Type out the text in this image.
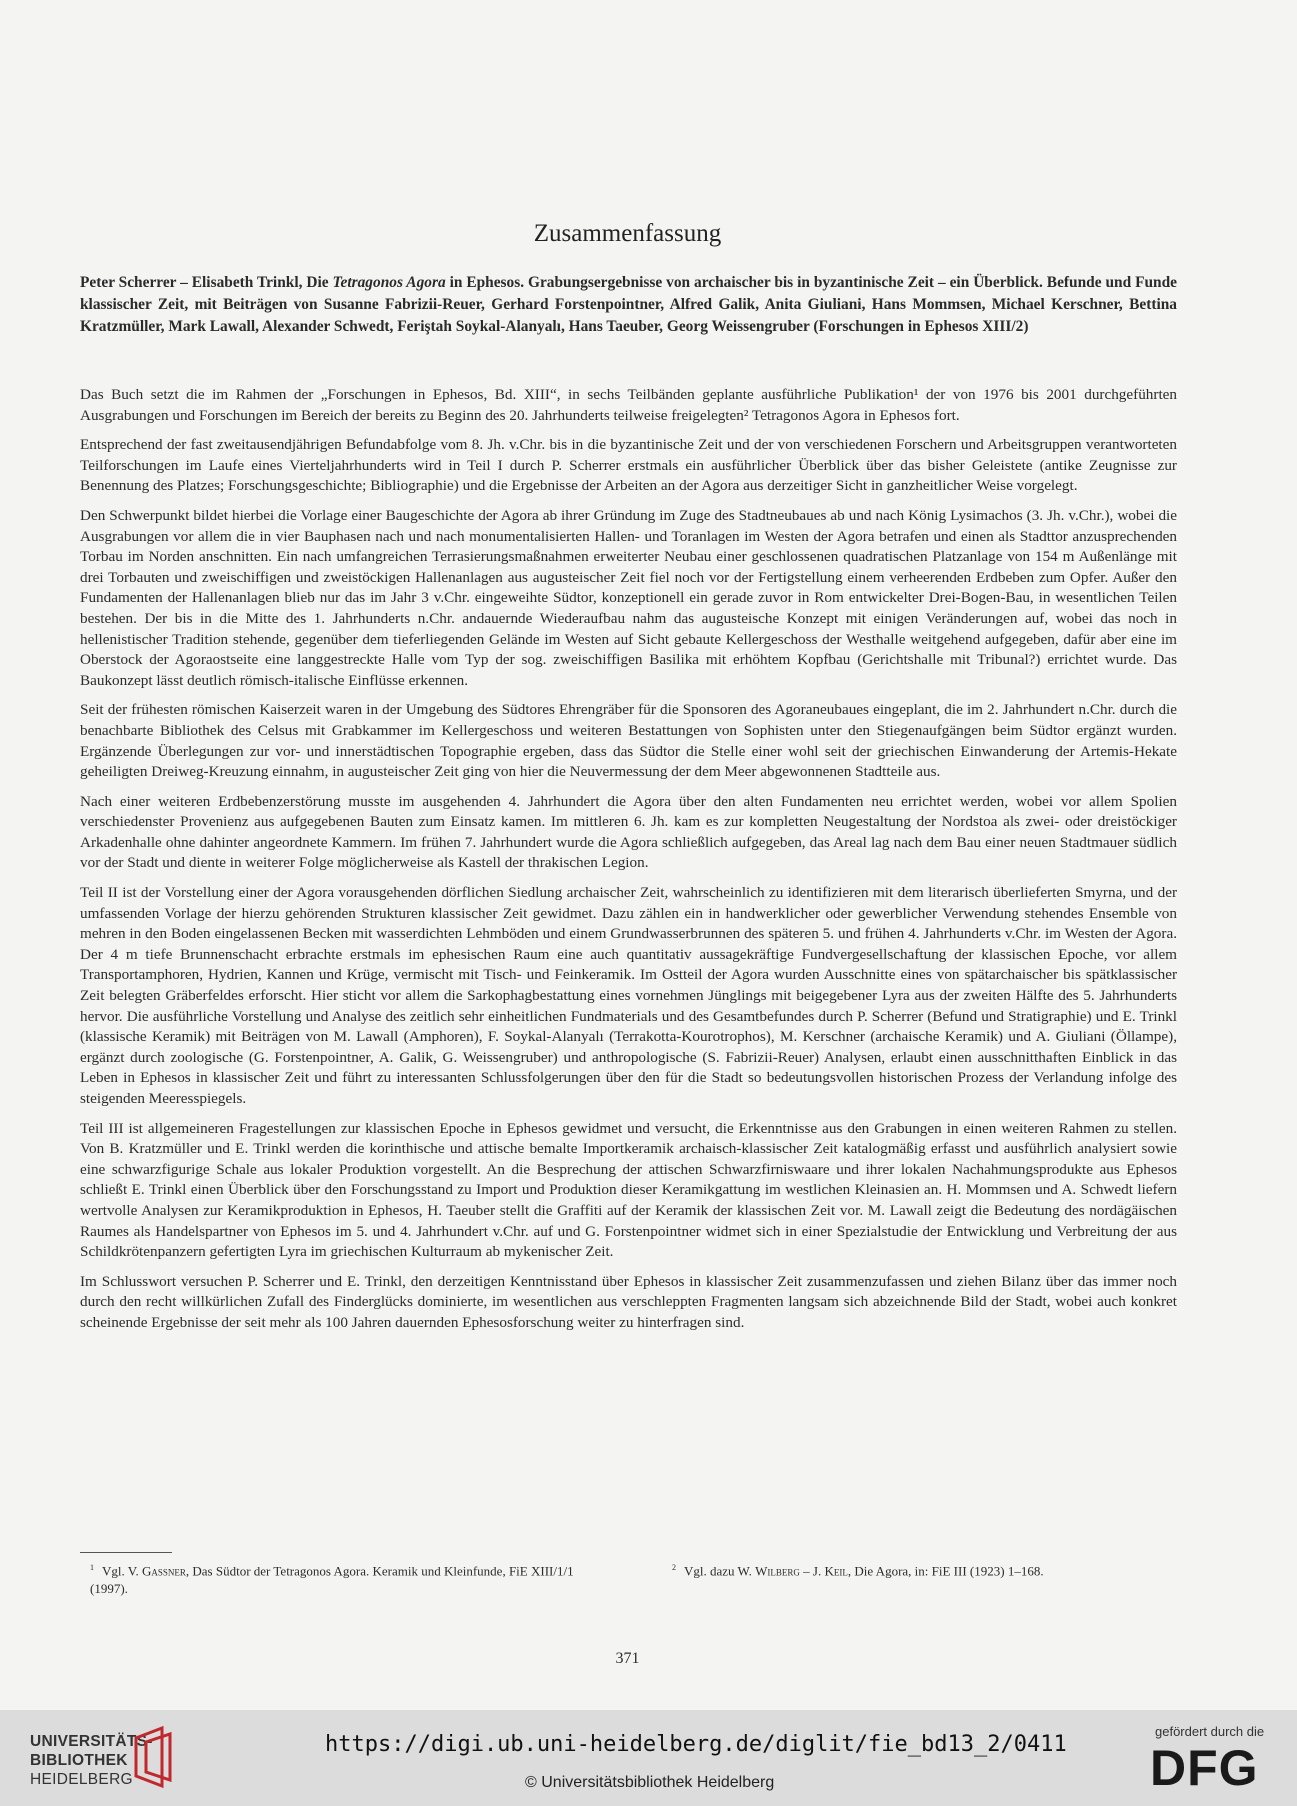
Zusammenfassung
Peter Scherrer – Elisabeth Trinkl, Die Tetragonos Agora in Ephesos. Grabungsergebnisse von archaischer bis in byzantinische Zeit – ein Überblick. Befunde und Funde klassischer Zeit, mit Beiträgen von Susanne Fabrizii-Reuer, Gerhard Forstenpointner, Alfred Galik, Anita Giuliani, Hans Mommsen, Michael Kerschner, Bettina Kratzmüller, Mark Lawall, Alexander Schwedt, Feriştah Soykal-Alanyalı, Hans Taeuber, Georg Weissengruber (Forschungen in Ephesos XIII/2)

Das Buch setzt die im Rahmen der „Forschungen in Ephesos, Bd. XIII“, in sechs Teilbänden geplante ausführliche Publikation¹ der von 1976 bis 2001 durchgeführten Ausgrabungen und Forschungen im Bereich der bereits zu Beginn des 20. Jahrhunderts teilweise freigelegten² Tetragonos Agora in Ephesos fort.

Entsprechend der fast zweitausendjährigen Befundabfolge vom 8. Jh. v.Chr. bis in die byzantinische Zeit und der von verschiedenen Forschern und Arbeitsgruppen verantworteten Teilforschungen im Laufe eines Vierteljahrhunderts wird in Teil I durch P. Scherrer erstmals ein ausführlicher Überblick über das bisher Geleistete (antike Zeugnisse zur Benennung des Platzes; Forschungsgeschichte; Bibliographie) und die Ergebnisse der Arbeiten an der Agora aus derzeitiger Sicht in ganzheitlicher Weise vorgelegt.

Den Schwerpunkt bildet hierbei die Vorlage einer Baugeschichte der Agora ab ihrer Gründung im Zuge des Stadtneubaues ab und nach König Lysimachos (3. Jh. v.Chr.), wobei die Ausgrabungen vor allem die in vier Bauphasen nach und nach monumentalisierten Hallen- und Toranlagen im Westen der Agora betrafen und einen als Stadttor anzusprechenden Torbau im Norden anschnitten. Ein nach umfangreichen Terrasierungsmaßnahmen erweiterter Neubau einer geschlossenen quadratischen Platzanlage von 154 m Außenlänge mit drei Torbauten und zweischiffigen und zweistöckigen Hallenanlagen aus augusteischer Zeit fiel noch vor der Fertigstellung einem verheerenden Erdbeben zum Opfer. Außer den Fundamenten der Hallenanlagen blieb nur das im Jahr 3 v.Chr. eingeweihte Südtor, konzeptionell ein gerade zuvor in Rom entwickelter Drei-Bogen-Bau, in wesentlichen Teilen bestehen. Der bis in die Mitte des 1. Jahrhunderts n.Chr. andauernde Wiederaufbau nahm das augusteische Konzept mit einigen Veränderungen auf, wobei das noch in hellenistischer Tradition stehende, gegenüber dem tieferliegenden Gelände im Westen auf Sicht gebaute Kellergeschoss der Westhalle weitgehend aufgegeben, dafür aber eine im Oberstock der Agoraostseite eine langgestreckte Halle vom Typ der sog. zweischiffigen Basilika mit erhöhtem Kopfbau (Gerichtshalle mit Tribunal?) errichtet wurde. Das Baukonzept lässt deutlich römisch-italische Einflüsse erkennen.

Seit der frühesten römischen Kaiserzeit waren in der Umgebung des Südtores Ehrengräber für die Sponsoren des Agoraneubaues eingeplant, die im 2. Jahrhundert n.Chr. durch die benachbarte Bibliothek des Celsus mit Grabkammer im Kellergeschoss und weiteren Bestattungen von Sophisten unter den Stiegenaufgängen beim Südtor ergänzt wurden. Ergänzende Überlegungen zur vor- und innerstädtischen Topographie ergeben, dass das Südtor die Stelle einer wohl seit der griechischen Einwanderung der Artemis-Hekate geheiligten Dreiweg-Kreuzung einnahm, in augusteischer Zeit ging von hier die Neuvermessung der dem Meer abgewonnenen Stadtteile aus.

Nach einer weiteren Erdbebenzerstörung musste im ausgehenden 4. Jahrhundert die Agora über den alten Fundamenten neu errichtet werden, wobei vor allem Spolien verschiedenster Provenienz aus aufgegebenen Bauten zum Einsatz kamen. Im mittleren 6. Jh. kam es zur kompletten Neugestaltung der Nordstoa als zwei- oder dreistöckiger Arkadenhalle ohne dahinter angeordnete Kammern. Im frühen 7. Jahrhundert wurde die Agora schließlich aufgegeben, das Areal lag nach dem Bau einer neuen Stadtmauer südlich vor der Stadt und diente in weiterer Folge möglicherweise als Kastell der thrakischen Legion.

Teil II ist der Vorstellung einer der Agora vorausgehenden dörflichen Siedlung archaischer Zeit, wahrscheinlich zu identifizieren mit dem literarisch überlieferten Smyrna, und der umfassenden Vorlage der hierzu gehörenden Strukturen klassischer Zeit gewidmet. Dazu zählen ein in handwerklicher oder gewerblicher Verwendung stehendes Ensemble von mehren in den Boden eingelassenen Becken mit wasserdichten Lehmböden und einem Grundwasserbrunnen des späteren 5. und frühen 4. Jahrhunderts v.Chr. im Westen der Agora. Der 4 m tiefe Brunnenschacht erbrachte erstmals im ephesischen Raum eine auch quantitativ aussagekräftige Fundvergesellschaftung der klassischen Epoche, vor allem Transportamphoren, Hydrien, Kannen und Krüge, vermischt mit Tisch- und Feinkeramik. Im Ostteil der Agora wurden Ausschnitte eines von spätarchaischer bis spätklassischer Zeit belegten Gräberfeldes erforscht. Hier sticht vor allem die Sarkophagbestattung eines vornehmen Jünglings mit beigegebener Lyra aus der zweiten Hälfte des 5. Jahrhunderts hervor. Die ausführliche Vorstellung und Analyse des zeitlich sehr einheitlichen Fundmaterials und des Gesamtbefundes durch P. Scherrer (Befund und Stratigraphie) und E. Trinkl (klassische Keramik) mit Beiträgen von M. Lawall (Amphoren), F. Soykal-Alanyalı (Terrakotta-Kourotrophos), M. Kerschner (archaische Keramik) und A. Giuliani (Öllampe), ergänzt durch zoologische (G. Forstenpointner, A. Galik, G. Weissengruber) und anthropologische (S. Fabrizii-Reuer) Analysen, erlaubt einen ausschnitthaften Einblick in das Leben in Ephesos in klassischer Zeit und führt zu interessanten Schlussfolgerungen über den für die Stadt so bedeutungsvollen historischen Prozess der Verlandung infolge des steigenden Meeresspiegels.

Teil III ist allgemeineren Fragestellungen zur klassischen Epoche in Ephesos gewidmet und versucht, die Erkenntnisse aus den Grabungen in einen weiteren Rahmen zu stellen. Von B. Kratzmüller und E. Trinkl werden die korinthische und attische bemalte Importkeramik archaisch-klassischer Zeit katalogmäßig erfasst und ausführlich analysiert sowie eine schwarzfigurige Schale aus lokaler Produktion vorgestellt. An die Besprechung der attischen Schwarzfirniswaare und ihrer lokalen Nachahmungsprodukte aus Ephesos schließt E. Trinkl einen Überblick über den Forschungsstand zu Import und Produktion dieser Keramikgattung im westlichen Kleinasien an. H. Mommsen und A. Schwedt liefern wertvolle Analysen zur Keramikproduktion in Ephesos, H. Taeuber stellt die Graffiti auf der Keramik der klassischen Zeit vor. M. Lawall zeigt die Bedeutung des nordägäischen Raumes als Handelspartner von Ephesos im 5. und 4. Jahrhundert v.Chr. auf und G. Forstenpointner widmet sich in einer Spezialstudie der Entwicklung und Verbreitung der aus Schildkrötenpanzern gefertigten Lyra im griechischen Kulturraum ab mykenischer Zeit.

Im Schlusswort versuchen P. Scherrer und E. Trinkl, den derzeitigen Kenntnisstand über Ephesos in klassischer Zeit zusammenzufassen und ziehen Bilanz über das immer noch durch den recht willkürlichen Zufall des Finderglücks dominierte, im wesentlichen aus verschleppten Fragmenten langsam sich abzeichnende Bild der Stadt, wobei auch konkret scheinende Ergebnisse der seit mehr als 100 Jahren dauernden Ephesosforschung weiter zu hinterfragen sind.

$^1$ Vgl. V. Gassner, Das Südtor der Tetragonos Agora. Keramik und Kleinfunde, FiE XIII/1/1 (1997).
$^2$ Vgl. dazu W. Wilberg – J. Keil, Die Agora, in: FiE III (1923) 1–168.
371
UNIVERSITÄTS-
BIBLIOTHEK
HEIDELBERG
https://digi.ub.uni-heidelberg.de/diglit/fie_bd13_2/0411
© Universitätsbibliothek Heidelberg
gefördert durch die
DFG
